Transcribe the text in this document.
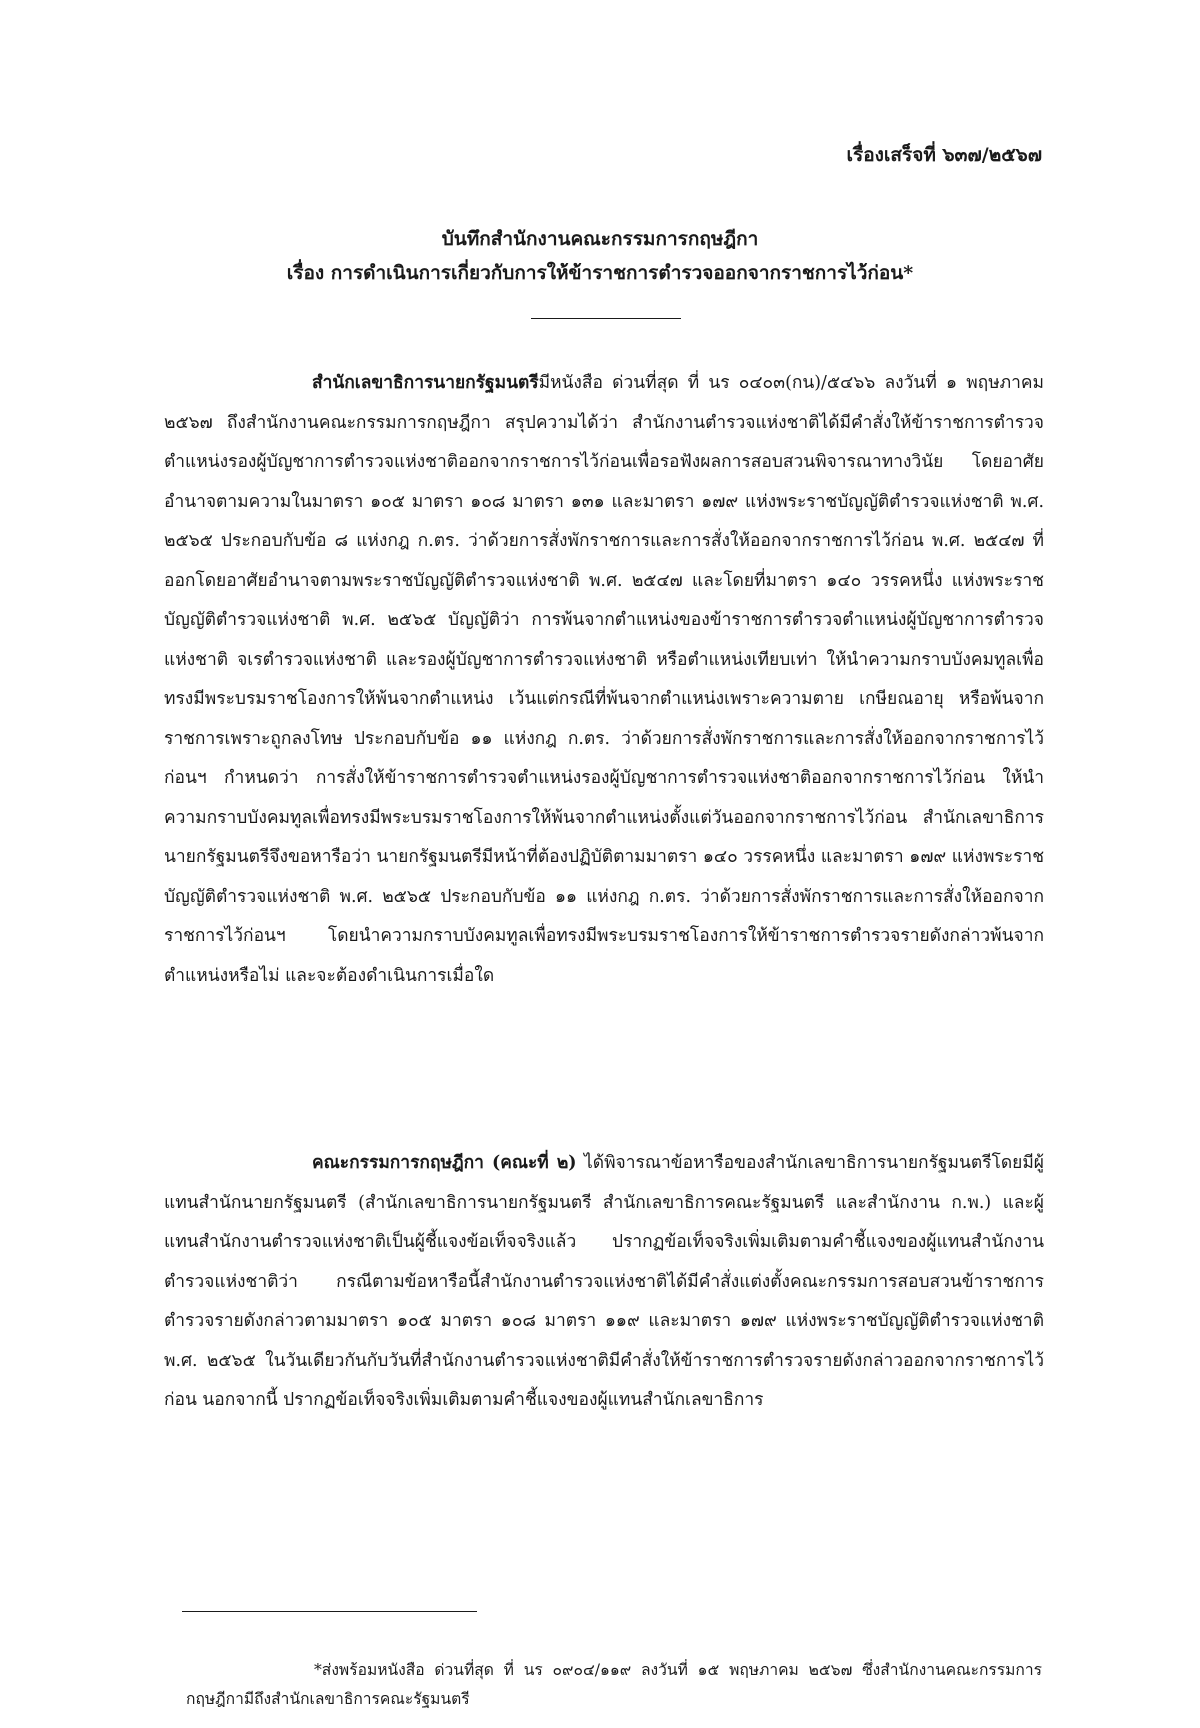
เรื่องเสร็จที่ ๖๓๗/๒๕๖๗
บันทึกสำนักงานคณะกรรมการกฤษฎีกา
เรื่อง การดำเนินการเกี่ยวกับการให้ข้าราชการตำรวจออกจากราชการไว้ก่อน*

สำนักเลขาธิการนายกรัฐมนตรีมีหนังสือ ด่วนที่สุด ที่ นร ๐๔๐๓(กน)/๕๔๖๖ ลงวันที่ ๑ พฤษภาคม ๒๕๖๗ ถึงสำนักงานคณะกรรมการกฤษฎีกา สรุปความได้ว่า สำนักงานตำรวจแห่งชาติได้มีคำสั่งให้ข้าราชการตำรวจตำแหน่งรองผู้บัญชาการตำรวจแห่งชาติออกจากราชการไว้ก่อนเพื่อรอฟังผลการสอบสวนพิจารณาทางวินัย โดยอาศัยอำนาจตามความในมาตรา ๑๐๕ มาตรา ๑๐๘ มาตรา ๑๓๑ และมาตรา ๑๗๙ แห่งพระราชบัญญัติตำรวจแห่งชาติ พ.ศ. ๒๕๖๕ ประกอบกับข้อ ๘ แห่งกฎ ก.ตร. ว่าด้วยการสั่งพักราชการและการสั่งให้ออกจากราชการไว้ก่อน พ.ศ. ๒๕๔๗ ที่ออกโดยอาศัยอำนาจตามพระราชบัญญัติตำรวจแห่งชาติ พ.ศ. ๒๕๔๗ และโดยที่มาตรา ๑๔๐ วรรคหนึ่ง แห่งพระราชบัญญัติตำรวจแห่งชาติ พ.ศ. ๒๕๖๕ บัญญัติว่า การพ้นจากตำแหน่งของข้าราชการตำรวจตำแหน่งผู้บัญชาการตำรวจแห่งชาติ จเรตำรวจแห่งชาติ และรองผู้บัญชาการตำรวจแห่งชาติ หรือตำแหน่งเทียบเท่า ให้นำความกราบบังคมทูลเพื่อทรงมีพระบรมราชโองการให้พ้นจากตำแหน่ง เว้นแต่กรณีที่พ้นจากตำแหน่งเพราะความตาย เกษียณอายุ หรือพ้นจากราชการเพราะถูกลงโทษ ประกอบกับข้อ ๑๑ แห่งกฎ ก.ตร. ว่าด้วยการสั่งพักราชการและการสั่งให้ออกจากราชการไว้ก่อนฯ กำหนดว่า การสั่งให้ข้าราชการตำรวจตำแหน่งรองผู้บัญชาการตำรวจแห่งชาติออกจากราชการไว้ก่อน ให้นำความกราบบังคมทูลเพื่อทรงมีพระบรมราชโองการให้พ้นจากตำแหน่งตั้งแต่วันออกจากราชการไว้ก่อน สำนักเลขาธิการนายกรัฐมนตรีจึงขอหารือว่า นายกรัฐมนตรีมีหน้าที่ต้องปฏิบัติตามมาตรา ๑๔๐ วรรคหนึ่ง และมาตรา ๑๗๙ แห่งพระราชบัญญัติตำรวจแห่งชาติ พ.ศ. ๒๕๖๕ ประกอบกับข้อ ๑๑ แห่งกฎ ก.ตร. ว่าด้วยการสั่งพักราชการและการสั่งให้ออกจากราชการไว้ก่อนฯ โดยนำความกราบบังคมทูลเพื่อทรงมีพระบรมราชโองการให้ข้าราชการตำรวจรายดังกล่าวพ้นจากตำแหน่งหรือไม่ และจะต้องดำเนินการเมื่อใด

คณะกรรมการกฤษฎีกา (คณะที่ ๒) ได้พิจารณาข้อหารือของสำนักเลขาธิการนายกรัฐมนตรีโดยมีผู้แทนสำนักนายกรัฐมนตรี (สำนักเลขาธิการนายกรัฐมนตรี สำนักเลขาธิการคณะรัฐมนตรี และสำนักงาน ก.พ.) และผู้แทนสำนักงานตำรวจแห่งชาติเป็นผู้ชี้แจงข้อเท็จจริงแล้ว ปรากฏข้อเท็จจริงเพิ่มเติมตามคำชี้แจงของผู้แทนสำนักงานตำรวจแห่งชาติว่า กรณีตามข้อหารือนี้สำนักงานตำรวจแห่งชาติได้มีคำสั่งแต่งตั้งคณะกรรมการสอบสวนข้าราชการตำรวจรายดังกล่าวตามมาตรา ๑๐๕ มาตรา ๑๐๘ มาตรา ๑๑๙ และมาตรา ๑๗๙ แห่งพระราชบัญญัติตำรวจแห่งชาติ พ.ศ. ๒๕๖๕ ในวันเดียวกันกับวันที่สำนักงานตำรวจแห่งชาติมีคำสั่งให้ข้าราชการตำรวจรายดังกล่าวออกจากราชการไว้ก่อน นอกจากนี้ ปรากฏข้อเท็จจริงเพิ่มเติมตามคำชี้แจงของผู้แทนสำนักเลขาธิการ

*ส่งพร้อมหนังสือ ด่วนที่สุด ที่ นร ๐๙๐๔/๑๑๙ ลงวันที่ ๑๕ พฤษภาคม ๒๕๖๗ ซึ่งสำนักงานคณะกรรมการกฤษฎีกามีถึงสำนักเลขาธิการคณะรัฐมนตรี
